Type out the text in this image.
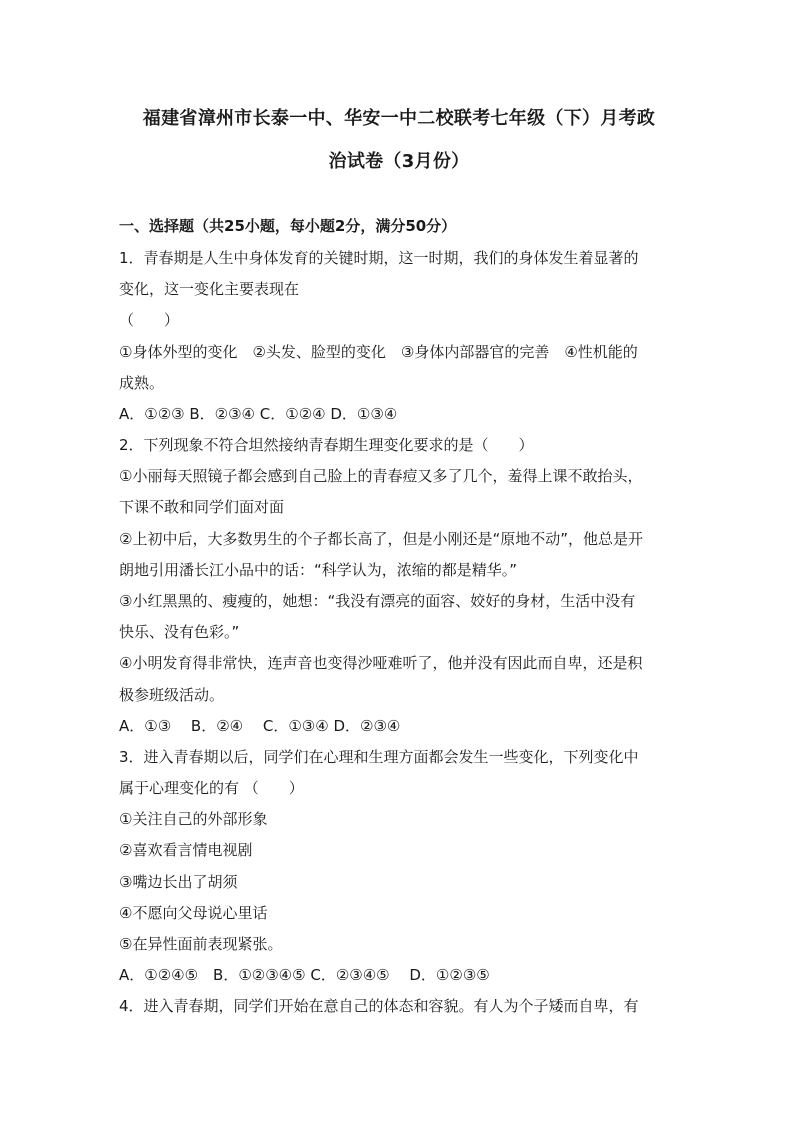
福建省漳州市长泰一中、华安一中二校联考七年级（下）月考政
治试卷（3月份）
一、选择题（共25小题，每小题2分，满分50分）
1．青春期是人生中身体发育的关键时期，这一时期，我们的身体发生着显著的
变化，这一变化主要表现在
（　　）
①身体外型的变化　②头发、脸型的变化　③身体内部器官的完善　④性机能的
成熟。
A．①②③ B．②③④ C．①②④ D．①③④
2．下列现象不符合坦然接纳青春期生理变化要求的是（　　）
①小丽每天照镜子都会感到自己脸上的青春痘又多了几个，羞得上课不敢抬头，
下课不敢和同学们面对面
②上初中后，大多数男生的个子都长高了，但是小刚还是“原地不动”，他总是开
朗地引用潘长江小品中的话：“科学认为，浓缩的都是精华。”
③小红黑黑的、瘦瘦的，她想：“我没有漂亮的面容、姣好的身材，生活中没有
快乐、没有色彩。”
④小明发育得非常快，连声音也变得沙哑难听了，他并没有因此而自卑，还是积
极参班级活动。
A．①③　 B．②④　 C．①③④ D．②③④
3．进入青春期以后，同学们在心理和生理方面都会发生一些变化，下列变化中
属于心理变化的有 （　　）
①关注自己的外部形象
②喜欢看言情电视剧
③嘴边长出了胡须
④不愿向父母说心里话
⑤在异性面前表现紧张。
A．①②④⑤　B．①②③④⑤ C．②③④⑤　 D．①②③⑤
4．进入青春期，同学们开始在意自己的体态和容貌。有人为个子矮而自卑，有
